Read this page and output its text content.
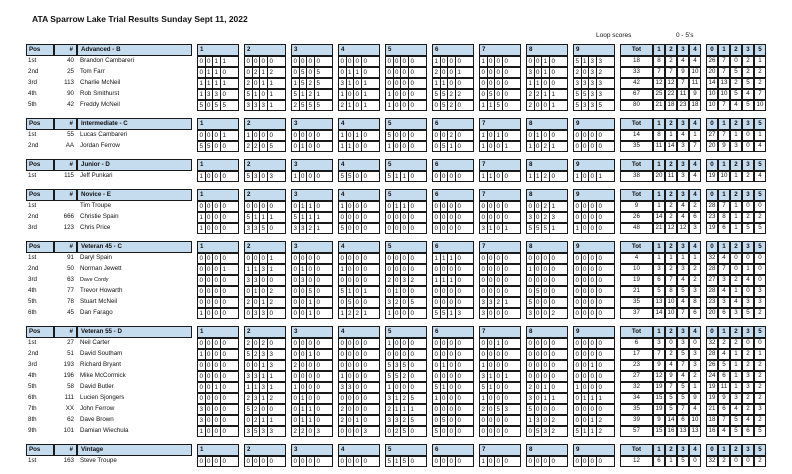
ATA Sparrow Lake Trial Results Sunday Sept 11, 2022
Loop scores	0 - 5's
Pos	#	Advanced - B		1		2		3		4		5		6		7		8		9		Tot	1	2	3	4		0	1	2	3	5
1st	40	Brandon Cambareri		0 0 1 1		0 0 0 0		0 0 0 0		0 0 0 0		0 0 0 0		1 0 0 0		1 0 0 0		0 0 1 0		5 1 3 3		18	8	2	4	4		26	7	0	2	1
2nd	25	Tom Farr		0 1 1 0		0 2 1 2		0 5 0 5		0 1 1 0		0 0 0 0		2 0 0 1		0 0 0 0		3 0 1 0		2 0 3 2		33	7	7	9	10		20	7	5	2	2
3rd	113	Charlie McNeil		1 1 1 1		2 0 1 1		1 5 2 5		3 1 0 1		0 0 0 0		1 1 0 0		0 0 0 0		1 1 0 0		3 3 3 3		42	12	12	7	11		14	13	2	5	2
4th	90	Rob Smithurst		1 3 3 0		5 1 0 1		5 1 2 1		1 0 0 1		1 0 0 0		5 5 2 2		0 5 0 0		2 2 1 1		5 5 3 3		67	25	22	11	9		10	10	5	4	7
5th	42	Freddy McNeil		5 0 5 5		3 3 3 1		2 5 5 5		2 1 0 1		1 0 0 0		0 5 2 0		1 1 5 0		2 0 0 1		5 3 3 5		80	21	18	23	18		10	7	4	5	10
Pos	#	Intermediate - C		1		2		3		4		5		6		7		8		9		Tot	1	2	3	4		0	1	2	3	5
1st	55	Lucas Cambareri		0 0 0 1		1 0 0 0		0 0 0 0		1 0 1 0		5 0 0 0		0 0 2 0		1 0 1 0		0 1 0 0		0 0 0 0		14	8	1	4	1		27	7	1	0	1
2nd	AA	Jordan Ferrow		5 5 0 0		2 2 0 5		0 1 0 0		1 1 0 0		1 0 0 0		0 5 1 0		1 0 0 1		1 0 2 1		0 0 0 0		35	11	14	3	7		20	9	3	0	4
Pos	#	Junior - D		1		2		3		4		5		6		7		8		9		Tot	1	2	3	4		0	1	2	3	5
1st	115	Jeff Punkari		1 0 0 0		5 3 0 3		1 0 0 0		5 5 0 0		5 1 1 0		0 0 0 0		1 1 0 0		1 1 2 0		1 0 0 1		38	20	11	3	4		19	10	1	2	4
Pos	#	Novice - E		1		2		3		4		5		6		7		8		9		Tot	1	2	3	4		0	1	2	3	5
1st		Tim Troupe		0 0 0 0		0 0 0 0		0 1 1 0		1 0 0 0		0 1 1 0		0 0 0 0		0 0 0 0		0 0 2 1		0 0 0 0		9	1	2	4	2		28	7	1	0	0
2nd	666	Christie Spain		1 0 0 0		5 1 1 1		5 1 1 1		0 0 0 0		0 0 0 0		0 0 0 0		0 0 0 0		3 0 2 3		0 0 0 0		26	14	2	4	6		23	8	1	2	2
3rd	123	Chris Price		1 0 0 0		3 3 5 0		3 3 2 1		5 0 0 0		0 0 0 0		0 0 0 0		3 1 0 1		5 5 5 1		1 0 0 0		48	21	12	12	3		19	6	1	5	5
Pos	#	Veteran 45 - C		1		2		3		4		5		6		7		8		9		Tot	1	2	3	4		0	1	2	3	5
1st	91	Daryl Spain		0 0 0 0		0 0 0 1		0 0 0 0		0 0 0 0		0 0 0 0		1 1 1 0		0 0 0 0		0 0 0 0		0 0 0 0		4	1	1	1	1		32	4	0	0	0
2nd	50	Norman Jewett		0 0 0 1		1 1 3 1		0 1 0 0		1 0 0 0		0 0 0 0		0 0 0 0		0 0 0 0		1 0 0 0		0 0 0 0		10	3	2	3	2		28	7	0	1	0
3rd	63	Dave Cordy		0 0 0 0		3 3 0 0		0 3 0 0		0 0 0 0		2 0 3 2		1 1 1 0		0 0 0 0		0 0 0 0		0 0 0 0		19	6	7	4	2		27	3	2	4	0
4th	77	Trevor Howarth		0 0 0 0		0 1 0 2		0 0 5 0		5 1 0 1		0 1 0 0		0 0 0 0		0 0 0 0		0 5 0 0		0 0 0 0		21	5	8	5	3		28	4	1	0	3
5th	78	Stuart McNeil		0 0 0 0		2 0 1 2		0 0 1 0		0 5 0 0		3 2 0 5		0 0 0 0		3 3 2 1		5 0 0 0		0 0 0 0		35	13	10	4	8		23	3	4	3	3
6th	45	Dan Farago		1 0 0 0		0 3 3 0		0 0 1 0		1 2 2 1		1 0 0 0		5 5 1 3		3 0 0 0		3 0 0 2		0 0 0 0		37	14	10	7	6		20	6	3	5	2
Pos	#	Veteran 55 - D		1		2		3		4		5		6		7		8		9		Tot	1	2	3	4		0	1	2	3	5
1st	27	Neil Carter		0 0 0 0		2 0 2 0		0 0 0 0		0 0 0 0		1 0 0 0		0 0 0 0		0 0 1 0		0 0 0 0		0 0 0 0		6	3	0	3	0		32	2	2	0	0
2nd	51	David Southam		1 0 0 0		5 2 3 3		0 0 1 0		0 0 0 0		0 0 0 0		0 0 0 0		0 0 0 0		0 0 0 0		0 0 0 0		17	7	2	5	3		28	4	1	2	1
3rd	193	Richard Bryant		0 0 0 0		0 0 1 3		2 0 0 0		0 0 0 0		5 3 5 0		0 1 0 0		1 0 0 0		0 0 0 0		0 0 1 0		23	9	4	7	3		26	5	1	2	2
4th	196	Mike McCormick		0 0 0 0		3 3 1 1		0 0 0 0		1 0 0 0		5 5 2 0		0 0 0 0		3 1 0 1		0 0 0 0		0 0 0 0		27	12	9	4	2		24	6	1	3	2
5th	58	David Butler		0 0 1 0		1 1 3 1		1 0 0 0		3 3 0 0		1 0 0 0		5 1 0 0		5 1 0 0		2 0 1 0		1 0 0 0		32	19	7	5	1		19	11	1	3	2
6th	111	Lucien Sjongers		0 0 0 0		2 3 1 2		0 1 0 0		0 0 0 0		3 1 2 5		1 0 0 0		1 0 0 0		3 0 1 1		0 1 1 1		34	15	5	5	9		19	9	3	2	2
7th	XX	John Ferrow		3 0 0 0		5 2 0 0		0 1 1 0		2 0 0 0		2 1 1 1		0 0 0 0		2 0 5 3		5 0 0 0		0 0 0 0		35	19	5	7	4		21	6	4	2	3
8th	62	Dave Brown		3 0 0 0		0 2 1 1		0 1 1 0		2 0 1 0		3 3 2 5		0 5 0 0		0 0 0 0		1 3 0 2		0 0 1 2		39	9	14	6	10		18	7	5	4	2
9th	101	Damian Wiechula		1 0 0 0		3 5 3 3		2 2 0 3		0 0 0 3		0 2 5 0		5 0 0 0		0 0 0 0		0 5 3 2		5 1 1 2		57	15	16	13	13		16	4	5	6	5
Pos	#	Vintage		1		2		3		4		5		6		7		8		9		Tot	1	2	3	4		0	1	2	3	5
1st	163	Steve Troupe		0 0 0 0		0 0 0 0		0 0 0 0		0 0 0 0		5 1 5 0		0 0 0 0		1 0 0 0		0 0 0 0		0 0 0 0		12	6	1	5	0		32	2	0	0	2
